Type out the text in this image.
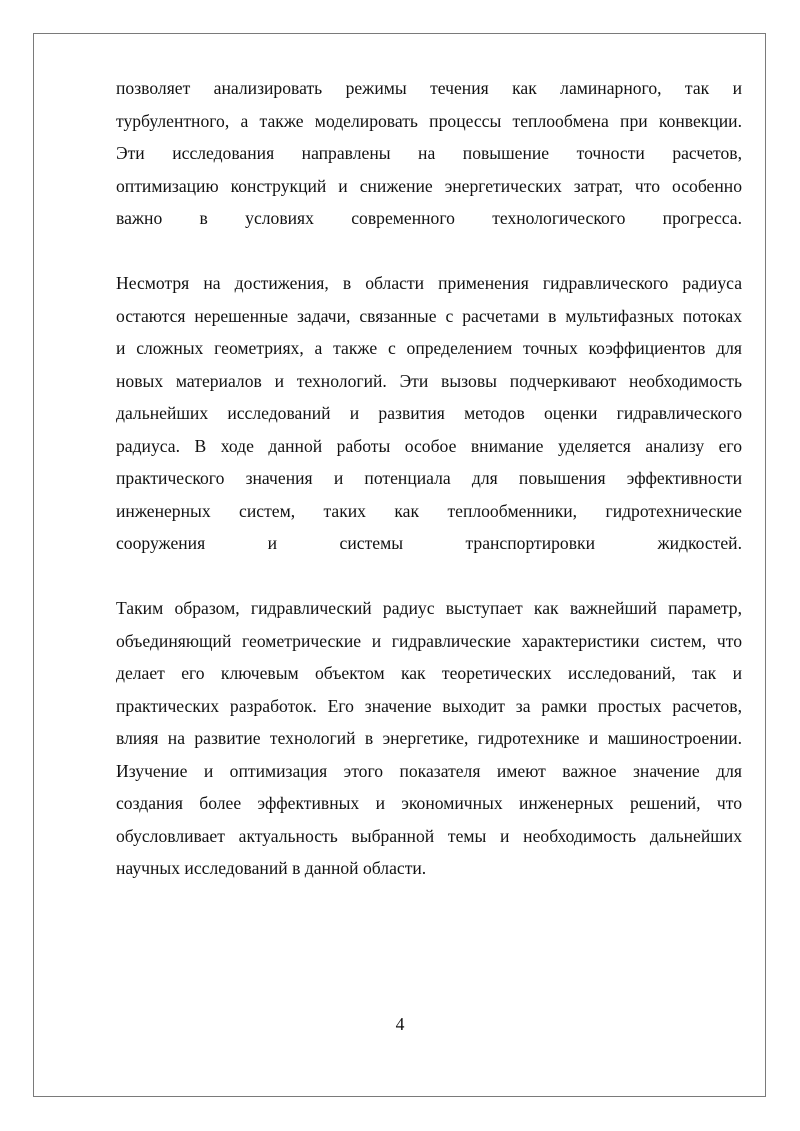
позволяет анализировать режимы течения как ламинарного, так и
турбулентного, а также моделировать процессы теплообмена при конвекции.
Эти исследования направлены на повышение точности расчетов,
оптимизацию конструкций и снижение энергетических затрат, что особенно
важно в условиях современного технологического прогресса.
Несмотря на достижения, в области применения гидравлического радиуса
остаются нерешенные задачи, связанные с расчетами в мультифазных потоках
и сложных геометриях, а также с определением точных коэффициентов для
новых материалов и технологий. Эти вызовы подчеркивают необходимость
дальнейших исследований и развития методов оценки гидравлического
радиуса. В ходе данной работы особое внимание уделяется анализу его
практического значения и потенциала для повышения эффективности
инженерных систем, таких как теплообменники, гидротехнические
сооружения и системы транспортировки жидкостей.
Таким образом, гидравлический радиус выступает как важнейший параметр,
объединяющий геометрические и гидравлические характеристики систем, что
делает его ключевым объектом как теоретических исследований, так и
практических разработок. Его значение выходит за рамки простых расчетов,
влияя на развитие технологий в энергетике, гидротехнике и машиностроении.
Изучение и оптимизация этого показателя имеют важное значение для
создания более эффективных и экономичных инженерных решений, что
обусловливает актуальность выбранной темы и необходимость дальнейших
научных исследований в данной области.
4
